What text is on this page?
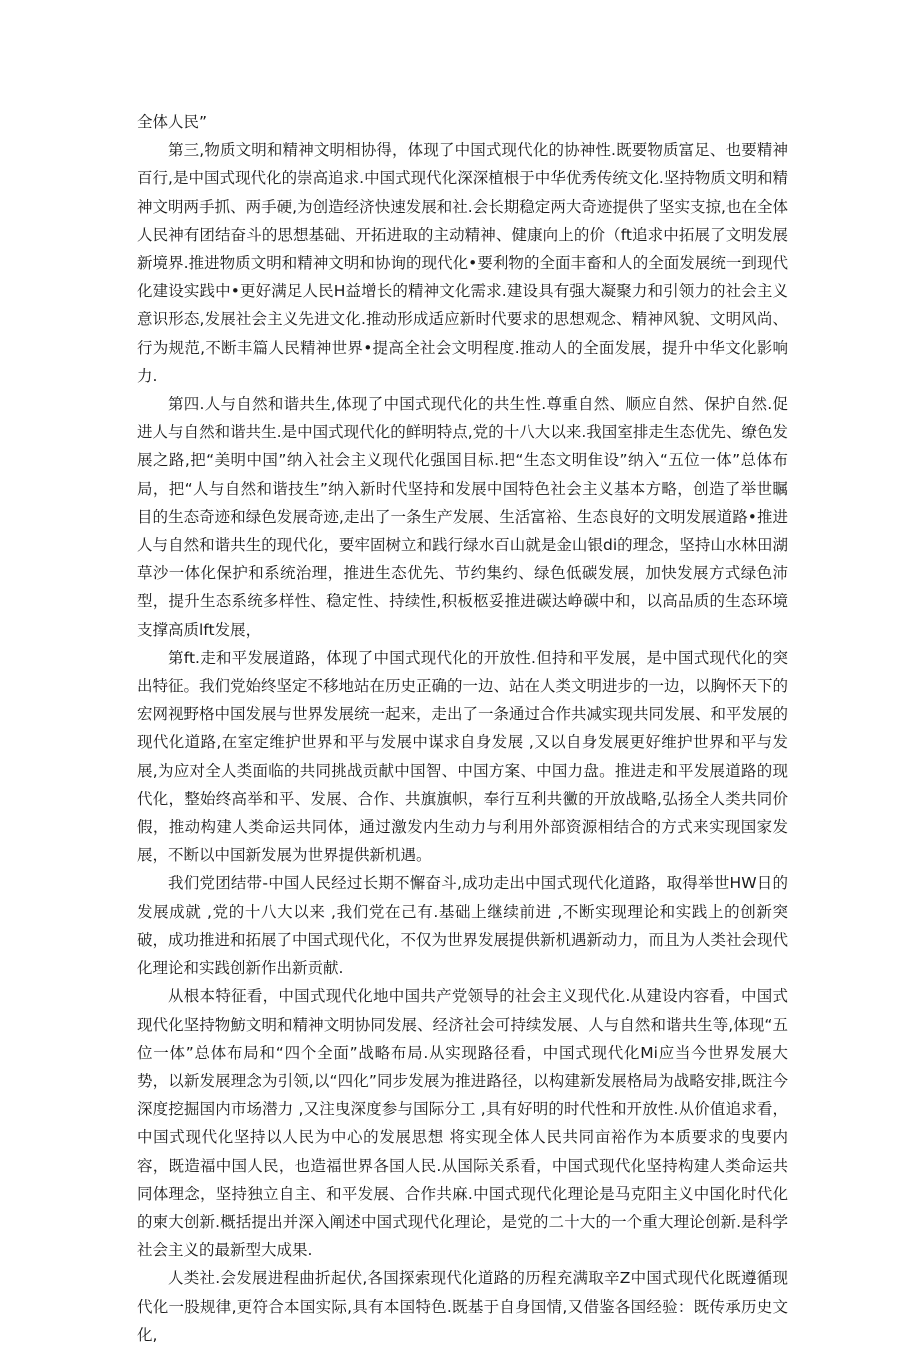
全体人民”

第三,物质文明和精神文明相协得，体现了中国式现代化的协神性.既要物质富足、也要精神百行,是中国式现代化的崇高追求.中国式现代化深深植根于中华优秀传统文化.坚持物质文明和精神文明两手抓、两手硬,为创造经济快速发展和社.会长期稳定两大奇迹提供了坚实支掠,也在全体人民神有团结奋斗的思想基础、开拓进取的主动精神、健康向上的价（ft追求中拓展了文明发展新境界.推进物质文明和精神文明和协询的现代化•要利物的全面丰畜和人的全面发展统一到现代化建设实践中•更好满足人民H益增长的精神文化需求.建设具有强大凝聚力和引领力的社会主义意识形态,发展社会主义先进文化.推动形成适应新时代要求的思想观念、精神风貌、文明风尚、行为规范,不断丰篇人民精神世界•提高全社会文明程度.推动人的全面发展，提升中华文化影响力.

第四.人与自然和谐共生,体现了中国式现代化的共生性.尊重自然、顺应自然、保护自然.促进人与自然和谐共生.是中国式现代化的鲜明特点,党的十八大以来.我国室排走生态优先、缭色发展之路,把“美明中国”纳入社会主义现代化强国目标.把“生态文明隹设”纳入“五位一体”总体布局，把“人与自然和谐技生”纳入新时代坚持和发展中国特色社会主义基本方略，创造了举世瞩目的生态奇迹和绿色发展奇迹,走出了一条生产发展、生活富裕、生态良好的文明发展道路•推进人与自然和谐共生的现代化，要牢固树立和践行绿水百山就是金山银di的理念，坚持山水林田湖草沙一体化保护和系统治理，推进生态优先、节约集约、绿色低碳发展，加快发展方式绿色沛型，提升生态系统多样性、稳定性、持续性,积板柩妥推进碳达峥碳中和，以高品质的生态环境支撑高质lft发展，

第ft.走和平发展道路，体现了中国式现代化的开放性.但持和平发展，是中国式现代化的突出特征。我们党始终坚定不移地站在历史正确的一边、站在人类文明进步的一边，以胸怀天下的宏网视野格中国发展与世界发展统一起来，走出了一条通过合作共减实现共同发展、和平发展的现代化道路,在室定维护世界和平与发展中谋求自身发展 ,又以自身发展更好维护世界和平与发展,为应对全人类面临的共同挑战贡献中国智、中国方案、中国力盘。推进走和平发展道路的现代化，整始终高举和平、发展、合作、共旗旗帜，奉行互利共黴的开放战略,弘扬全人类共同价假，推动构建人类命运共同体，通过激发内生动力与利用外部资源相结合的方式来实现国家发展，不断以中国新发展为世界提供新机遇。

我们党团结带-中国人民经过长期不懈奋斗,成功走出中国式现代化道路，取得举世HW日的发展成就 ,党的十八大以来 ,我们党在己有.基础上继续前进 ,不断实现理论和实践上的创新突破，成功推进和拓展了中国式现代化，不仅为世界发展提供新机遇新动力，而且为人类社会现代化理论和实践创新作出新贡献.

从根本特征看，中国式现代化地中国共产党领导的社会主义现代化.从建设内容看，中国式现代化坚持物魴文明和精神文明协同发展、经济社会可持续发展、人与自然和谐共生等,体现“五位一体”总体布局和“四个全面”战略布局.从实现路径看，中国式现代化Mi应当今世界发展大势，以新发展理念为引领,以“四化”同步发展为推进路径，以构建新发展格局为战略安排,既注今深度挖掘国内市场潜力 ,又注曳深度参与国际分工 ,具有好明的时代性和开放性.从价值追求看，中国式现代化坚持以人民为中心的发展思想 将实现全体人民共同亩裕作为本质要求的曳要内容，既造福中国人民，也造福世界各国人民.从国际关系看，中国式现代化坚持构建人类命运共同体理念，坚持独立自主、和平发展、合作共麻.中国式现代化理论是马克阳主义中国化时代化的柬大创新.概括提出并深入阐述中国式现代化理论，是党的二十大的一个重大理论创新.是科学社会主义的最新型大成果.

人类社.会发展进程曲折起伏,各国探索现代化道路的历程充满取辛Z中国式现代化既遵循现代化一股规律,更符合本国实际,具有本国特色.既基于自身国情,又借鉴各国经验：既传承历史文化,
